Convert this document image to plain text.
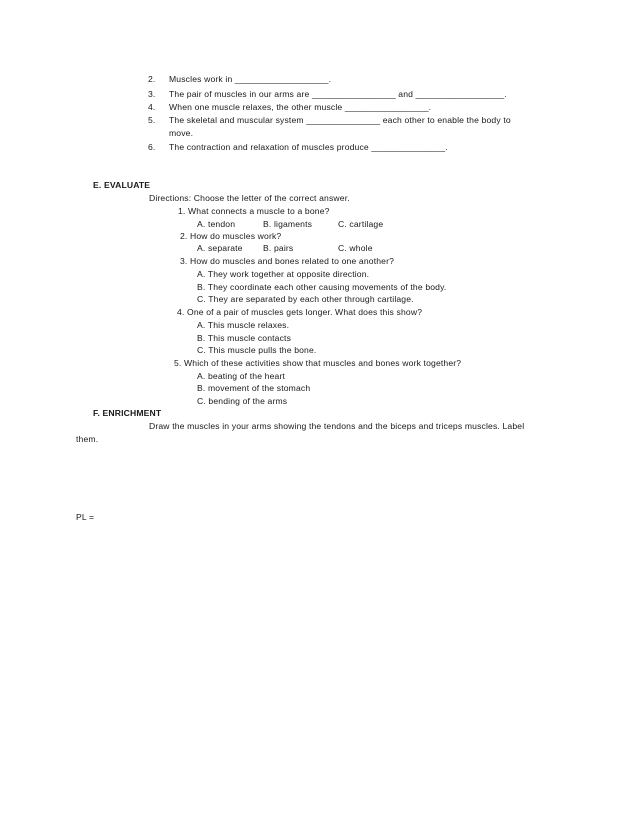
2.	Muscles work in ___________________.
3.	The pair of muscles in our arms are _________________ and __________________.
4.	When one muscle relaxes, the other muscle _________________.
5.	The skeletal and muscular system _______________ each other to enable the body to
move.
6.	The contraction and relaxation of muscles produce _______________.
E. EVALUATE
Directions: Choose the letter of the correct answer.
1. What connects a muscle to a bone?
A. tendon	B. ligaments	C. cartilage
2. How do muscles work?
A. separate B. pairs	C. whole
3. How do muscles and bones related to one another?
A. They work together at opposite direction.
B. They coordinate each other causing movements of the body.
C. They are separated by each other through cartilage.
4. One of a pair of muscles gets longer. What does this show?
A. This muscle relaxes.
B. This muscle contacts
C. This muscle pulls the bone.
5. Which of these activities show that muscles and bones work together?
A. beating of the heart
B. movement of the stomach
C. bending of the arms
F. ENRICHMENT
Draw the muscles in your arms showing the tendons and the biceps and triceps muscles. Label
them.
PL =
